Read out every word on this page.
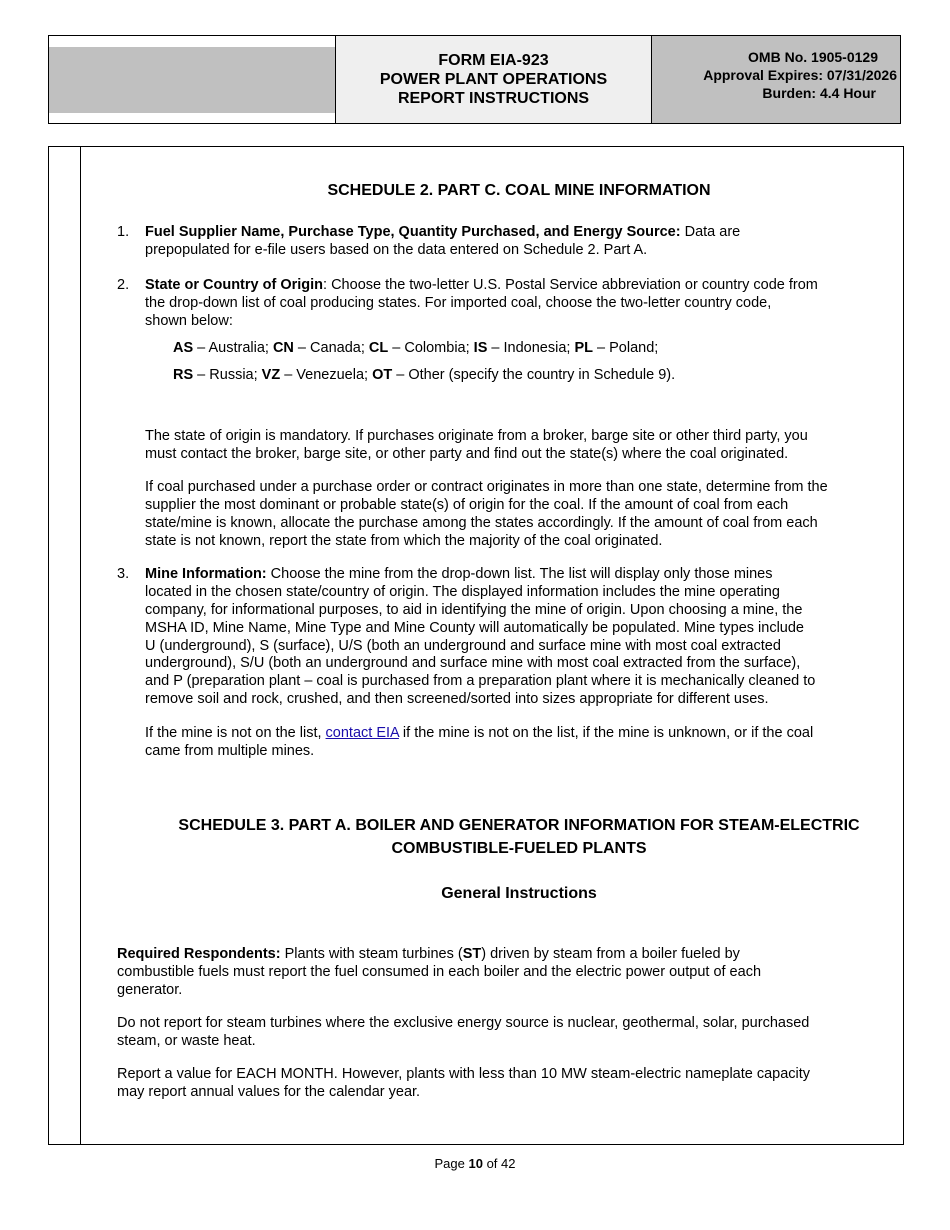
FORM EIA-923
POWER PLANT OPERATIONS
REPORT INSTRUCTIONS
OMB No. 1905-0129
Approval Expires: 07/31/2026
Burden: 4.4 Hour
SCHEDULE 2. PART C. COAL MINE INFORMATION
1. Fuel Supplier Name, Purchase Type, Quantity Purchased, and Energy Source: Data are
prepopulated for e-file users based on the data entered on Schedule 2. Part A.
2. State or Country of Origin: Choose the two-letter U.S. Postal Service abbreviation or country code from
the drop-down list of coal producing states. For imported coal, choose the two-letter country code,
shown below:
AS – Australia; CN – Canada; CL – Colombia; IS – Indonesia; PL – Poland;
RS – Russia; VZ – Venezuela; OT – Other (specify the country in Schedule 9).
The state of origin is mandatory. If purchases originate from a broker, barge site or other third party, you
must contact the broker, barge site, or other party and find out the state(s) where the coal originated.
If coal purchased under a purchase order or contract originates in more than one state, determine from the
supplier the most dominant or probable state(s) of origin for the coal. If the amount of coal from each
state/mine is known, allocate the purchase among the states accordingly. If the amount of coal from each
state is not known, report the state from which the majority of the coal originated.
3. Mine Information: Choose the mine from the drop-down list. The list will display only those mines
located in the chosen state/country of origin. The displayed information includes the mine operating
company, for informational purposes, to aid in identifying the mine of origin. Upon choosing a mine, the
MSHA ID, Mine Name, Mine Type and Mine County will automatically be populated. Mine types include
U (underground), S (surface), U/S (both an underground and surface mine with most coal extracted
underground), S/U (both an underground and surface mine with most coal extracted from the surface),
and P (preparation plant – coal is purchased from a preparation plant where it is mechanically cleaned to
remove soil and rock, crushed, and then screened/sorted into sizes appropriate for different uses.
If the mine is not on the list, contact EIA if the mine is not on the list, if the mine is unknown, or if the coal
came from multiple mines.
SCHEDULE 3. PART A. BOILER AND GENERATOR INFORMATION FOR STEAM-ELECTRIC
COMBUSTIBLE-FUELED PLANTS
General Instructions
Required Respondents: Plants with steam turbines (ST) driven by steam from a boiler fueled by
combustible fuels must report the fuel consumed in each boiler and the electric power output of each
generator.
Do not report for steam turbines where the exclusive energy source is nuclear, geothermal, solar, purchased
steam, or waste heat.
Report a value for EACH MONTH. However, plants with less than 10 MW steam-electric nameplate capacity
may report annual values for the calendar year.
Page 10 of 42
